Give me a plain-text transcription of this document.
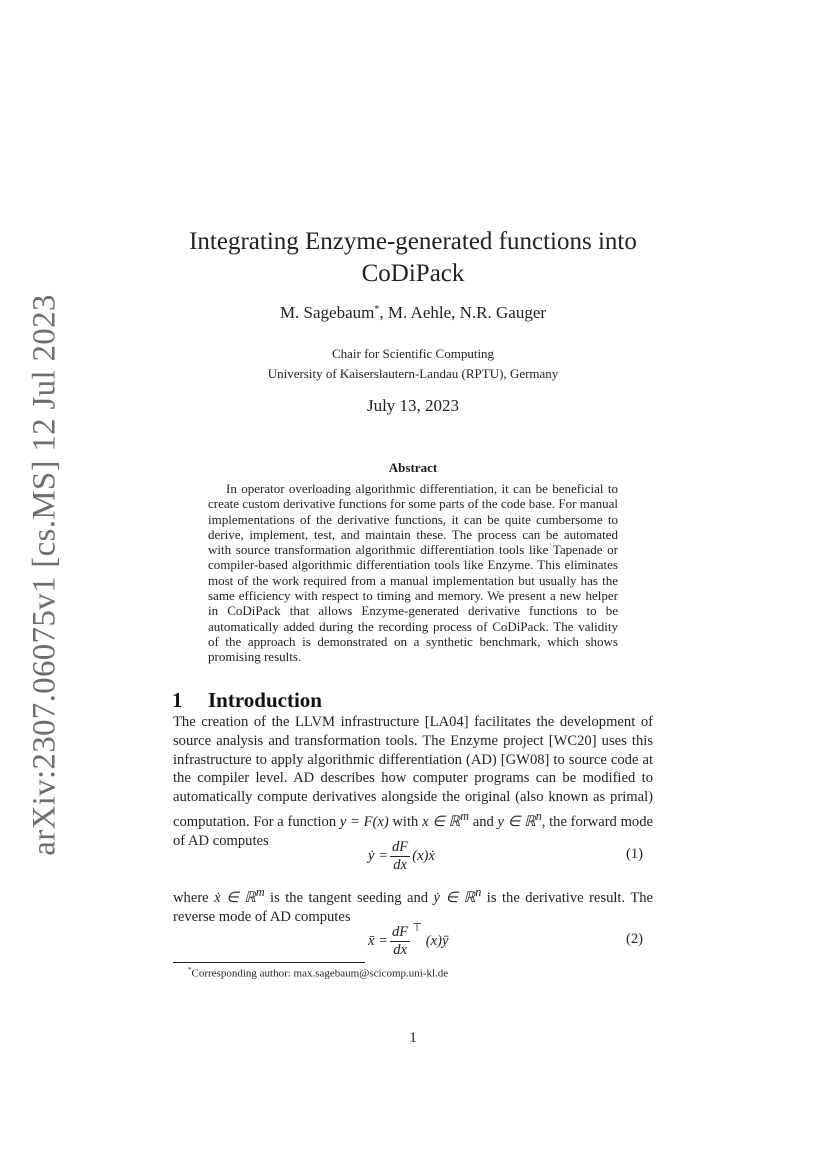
arXiv:2307.06075v1 [cs.MS] 12 Jul 2023
Integrating Enzyme-generated functions into
CoDiPack
M. Sagebaum*, M. Aehle, N.R. Gauger
Chair for Scientific Computing
University of Kaiserslautern-Landau (RPTU), Germany
July 13, 2023
Abstract
In operator overloading algorithmic differentiation, it can be beneficial to create custom derivative functions for some parts of the code base. For manual implementations of the derivative functions, it can be quite cumbersome to derive, implement, test, and maintain these. The process can be automated with source transformation algorithmic differentiation tools like Tapenade or compiler-based algorithmic differentiation tools like Enzyme. This eliminates most of the work required from a manual implementation but usually has the same efficiency with respect to timing and memory. We present a new helper in CoDiPack that allows Enzyme-generated derivative functions to be automatically added during the recording process of CoDiPack. The validity of the approach is demonstrated on a synthetic benchmark, which shows promising results.
1 Introduction
The creation of the LLVM infrastructure [LA04] facilitates the development of source analysis and transformation tools. The Enzyme project [WC20] uses this infrastructure to apply algorithmic differentiation (AD) [GW08] to source code at the compiler level. AD describes how computer programs can be modified to automatically compute derivatives alongside the original (also known as primal) computation. For a function y = F(x) with x ∈ ℝ$^m$ and y ∈ ℝ$^n$, the forward mode of AD computes
ẏ = $\frac{dF}{dx}$ (x)ẋ	(1)
where ẋ ∈ ℝ$^m$ is the tangent seeding and ẏ ∈ ℝ$^n$ is the derivative result. The reverse mode of AD computes
x̄ = $\frac{dF}{dx}^⊤$
(x)ȳ	(2)
*Corresponding author: max.sagebaum@scicomp.uni-kl.de
1
